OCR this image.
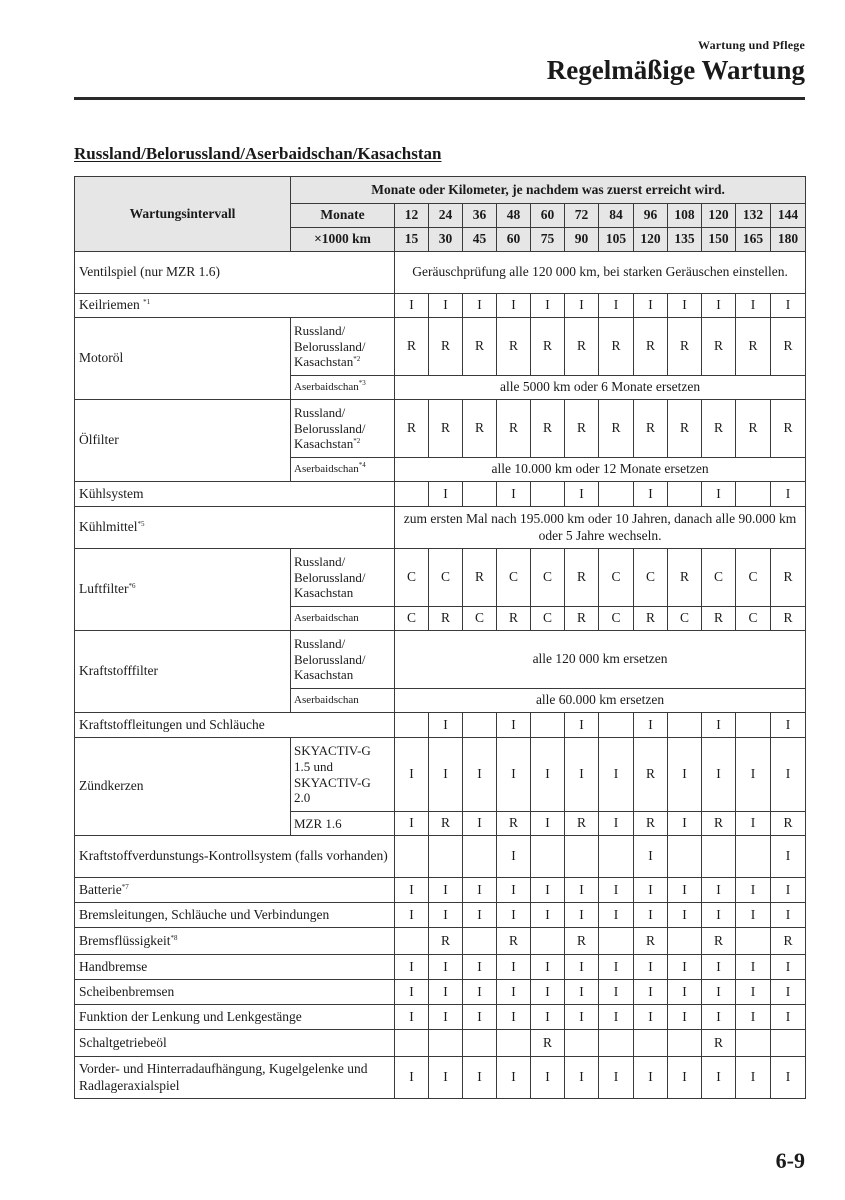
Wartung und Pflege
Regelmäßige Wartung
Russland/Belorussland/Aserbaidschan/Kasachstan
Wartungsintervall	Monate oder Kilometer, je nachdem was zuerst erreicht wird.												
	Monate	12	24	36	48	60	72	84	96	108	120	132	144
	×1000 km	15	30	45	60	75	90	105	120	135	150	165	180
Ventilspiel (nur MZR 1.6)		Geräuschprüfung alle 120 000 km, bei starken Geräuschen einstellen.											
Keilriemen $^{*1}$		I	I	I	I	I	I	I	I	I	I	I	I
Motoröl	Russland/
Belorussland/
Kasachstan$^{*2}$	R	R	R	R	R	R	R	R	R	R	R	R
	Aserbaidschan$^{*3}$	alle 5000 km oder 6 Monate ersetzen											
Ölfilter	Russland/
Belorussland/
Kasachstan$^{*2}$	R	R	R	R	R	R	R	R	R	R	R	R
	Aserbaidschan$^{*4}$	alle 10.000 km oder 12 Monate ersetzen											
Kühlsystem			I		I		I		I		I		I
Kühlmittel$^{*5}$		zum ersten Mal nach 195.000 km oder 10 Jahren, danach alle 90.000 km oder 5 Jahre wechseln.											
Luftfilter$^{*6}$	Russland/
Belorussland/
Kasachstan	C	C	R	C	C	R	C	C	R	C	C	R
	Aserbaidschan	C	R	C	R	C	R	C	R	C	R	C	R
Kraftstofffilter	Russland/
Belorussland/
Kasachstan	alle 120 000 km ersetzen											
	Aserbaidschan	alle 60.000 km ersetzen											
Kraftstoffleitungen und Schläuche			I		I		I		I		I		I
Zündkerzen	SKYACTIV-G
1.5 und
SKYACTIV-G
2.0	I	I	I	I	I	I	I	R	I	I	I	I
	MZR 1.6	I	R	I	R	I	R	I	R	I	R	I	R
Kraftstoffverdunstungs-Kontrollsystem (falls vorhanden)					I				I				I
Batterie$^{*7}$		I	I	I	I	I	I	I	I	I	I	I	I
Bremsleitungen, Schläuche und Verbindungen		I	I	I	I	I	I	I	I	I	I	I	I
Bremsflüssigkeit$^{*8}$			R		R		R		R		R		R
Handbremse		I	I	I	I	I	I	I	I	I	I	I	I
Scheibenbremsen		I	I	I	I	I	I	I	I	I	I	I	I
Funktion der Lenkung und Lenkgestänge		I	I	I	I	I	I	I	I	I	I	I	I
Schaltgetriebeöl						R					R		
Vorder- und Hinterradaufhängung, Kugelgelenke und Radlageraxialspiel		I	I	I	I	I	I	I	I	I	I	I	I
6-9
